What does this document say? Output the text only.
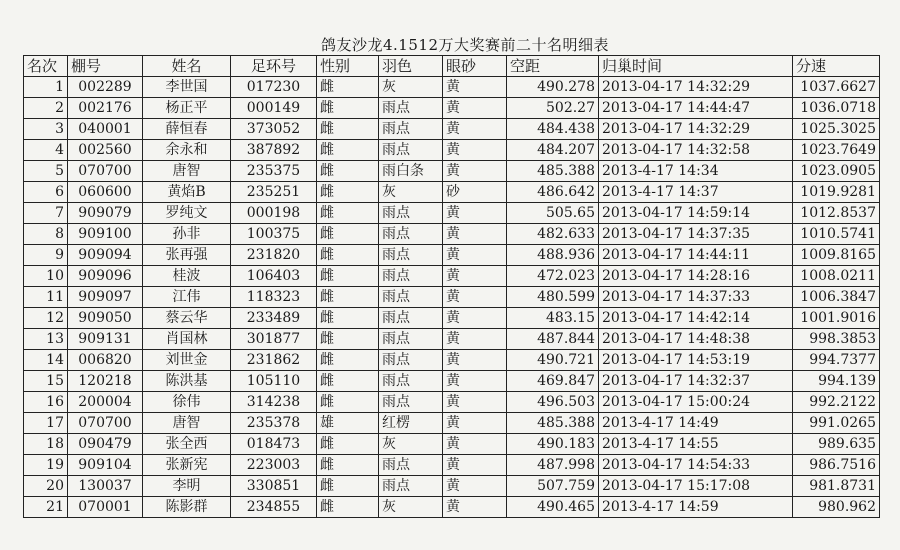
鸽友沙龙4.1512万大奖赛前二十名明细表
名次	棚号	姓名	足环号	性别	羽色	眼砂	空距	归巢时间	分速
1	002289	李世国	017230	雌	灰	黄	490.278	2013-04-17 14:32:29	1037.6627
2	002176	杨正平	000149	雌	雨点	黄	502.27	2013-04-17 14:44:47	1036.0718
3	040001	薛恒春	373052	雌	雨点	黄	484.438	2013-04-17 14:32:29	1025.3025
4	002560	余永和	387892	雌	雨点	黄	484.207	2013-04-17 14:32:58	1023.7649
5	070700	唐智	235375	雌	雨白条	黄	485.388	2013-4-17 14:34	1023.0905
6	060600	黄焰B	235251	雌	灰	砂	486.642	2013-4-17 14:37	1019.9281
7	909079	罗纯文	000198	雌	雨点	黄	505.65	2013-04-17 14:59:14	1012.8537
8	909100	孙非	100375	雌	雨点	黄	482.633	2013-04-17 14:37:35	1010.5741
9	909094	张再强	231820	雌	雨点	黄	488.936	2013-04-17 14:44:11	1009.8165
10	909096	桂波	106403	雌	雨点	黄	472.023	2013-04-17 14:28:16	1008.0211
11	909097	江伟	118323	雌	雨点	黄	480.599	2013-04-17 14:37:33	1006.3847
12	909050	蔡云华	233489	雌	雨点	黄	483.15	2013-04-17 14:42:14	1001.9016
13	909131	肖国林	301877	雌	雨点	黄	487.844	2013-04-17 14:48:38	998.3853
14	006820	刘世金	231862	雌	雨点	黄	490.721	2013-04-17 14:53:19	994.7377
15	120218	陈洪基	105110	雌	雨点	黄	469.847	2013-04-17 14:32:37	994.139
16	200004	徐伟	314238	雌	雨点	黄	496.503	2013-04-17 15:00:24	992.2122
17	070700	唐智	235378	雄	红楞	黄	485.388	2013-4-17 14:49	991.0265
18	090479	张全西	018473	雌	灰	黄	490.183	2013-4-17 14:55	989.635
19	909104	张新宪	223003	雌	雨点	黄	487.998	2013-04-17 14:54:33	986.7516
20	130037	李明	330851	雌	雨点	黄	507.759	2013-04-17 15:17:08	981.8731
21	070001	陈影群	234855	雌	灰	黄	490.465	2013-4-17 14:59	980.962
